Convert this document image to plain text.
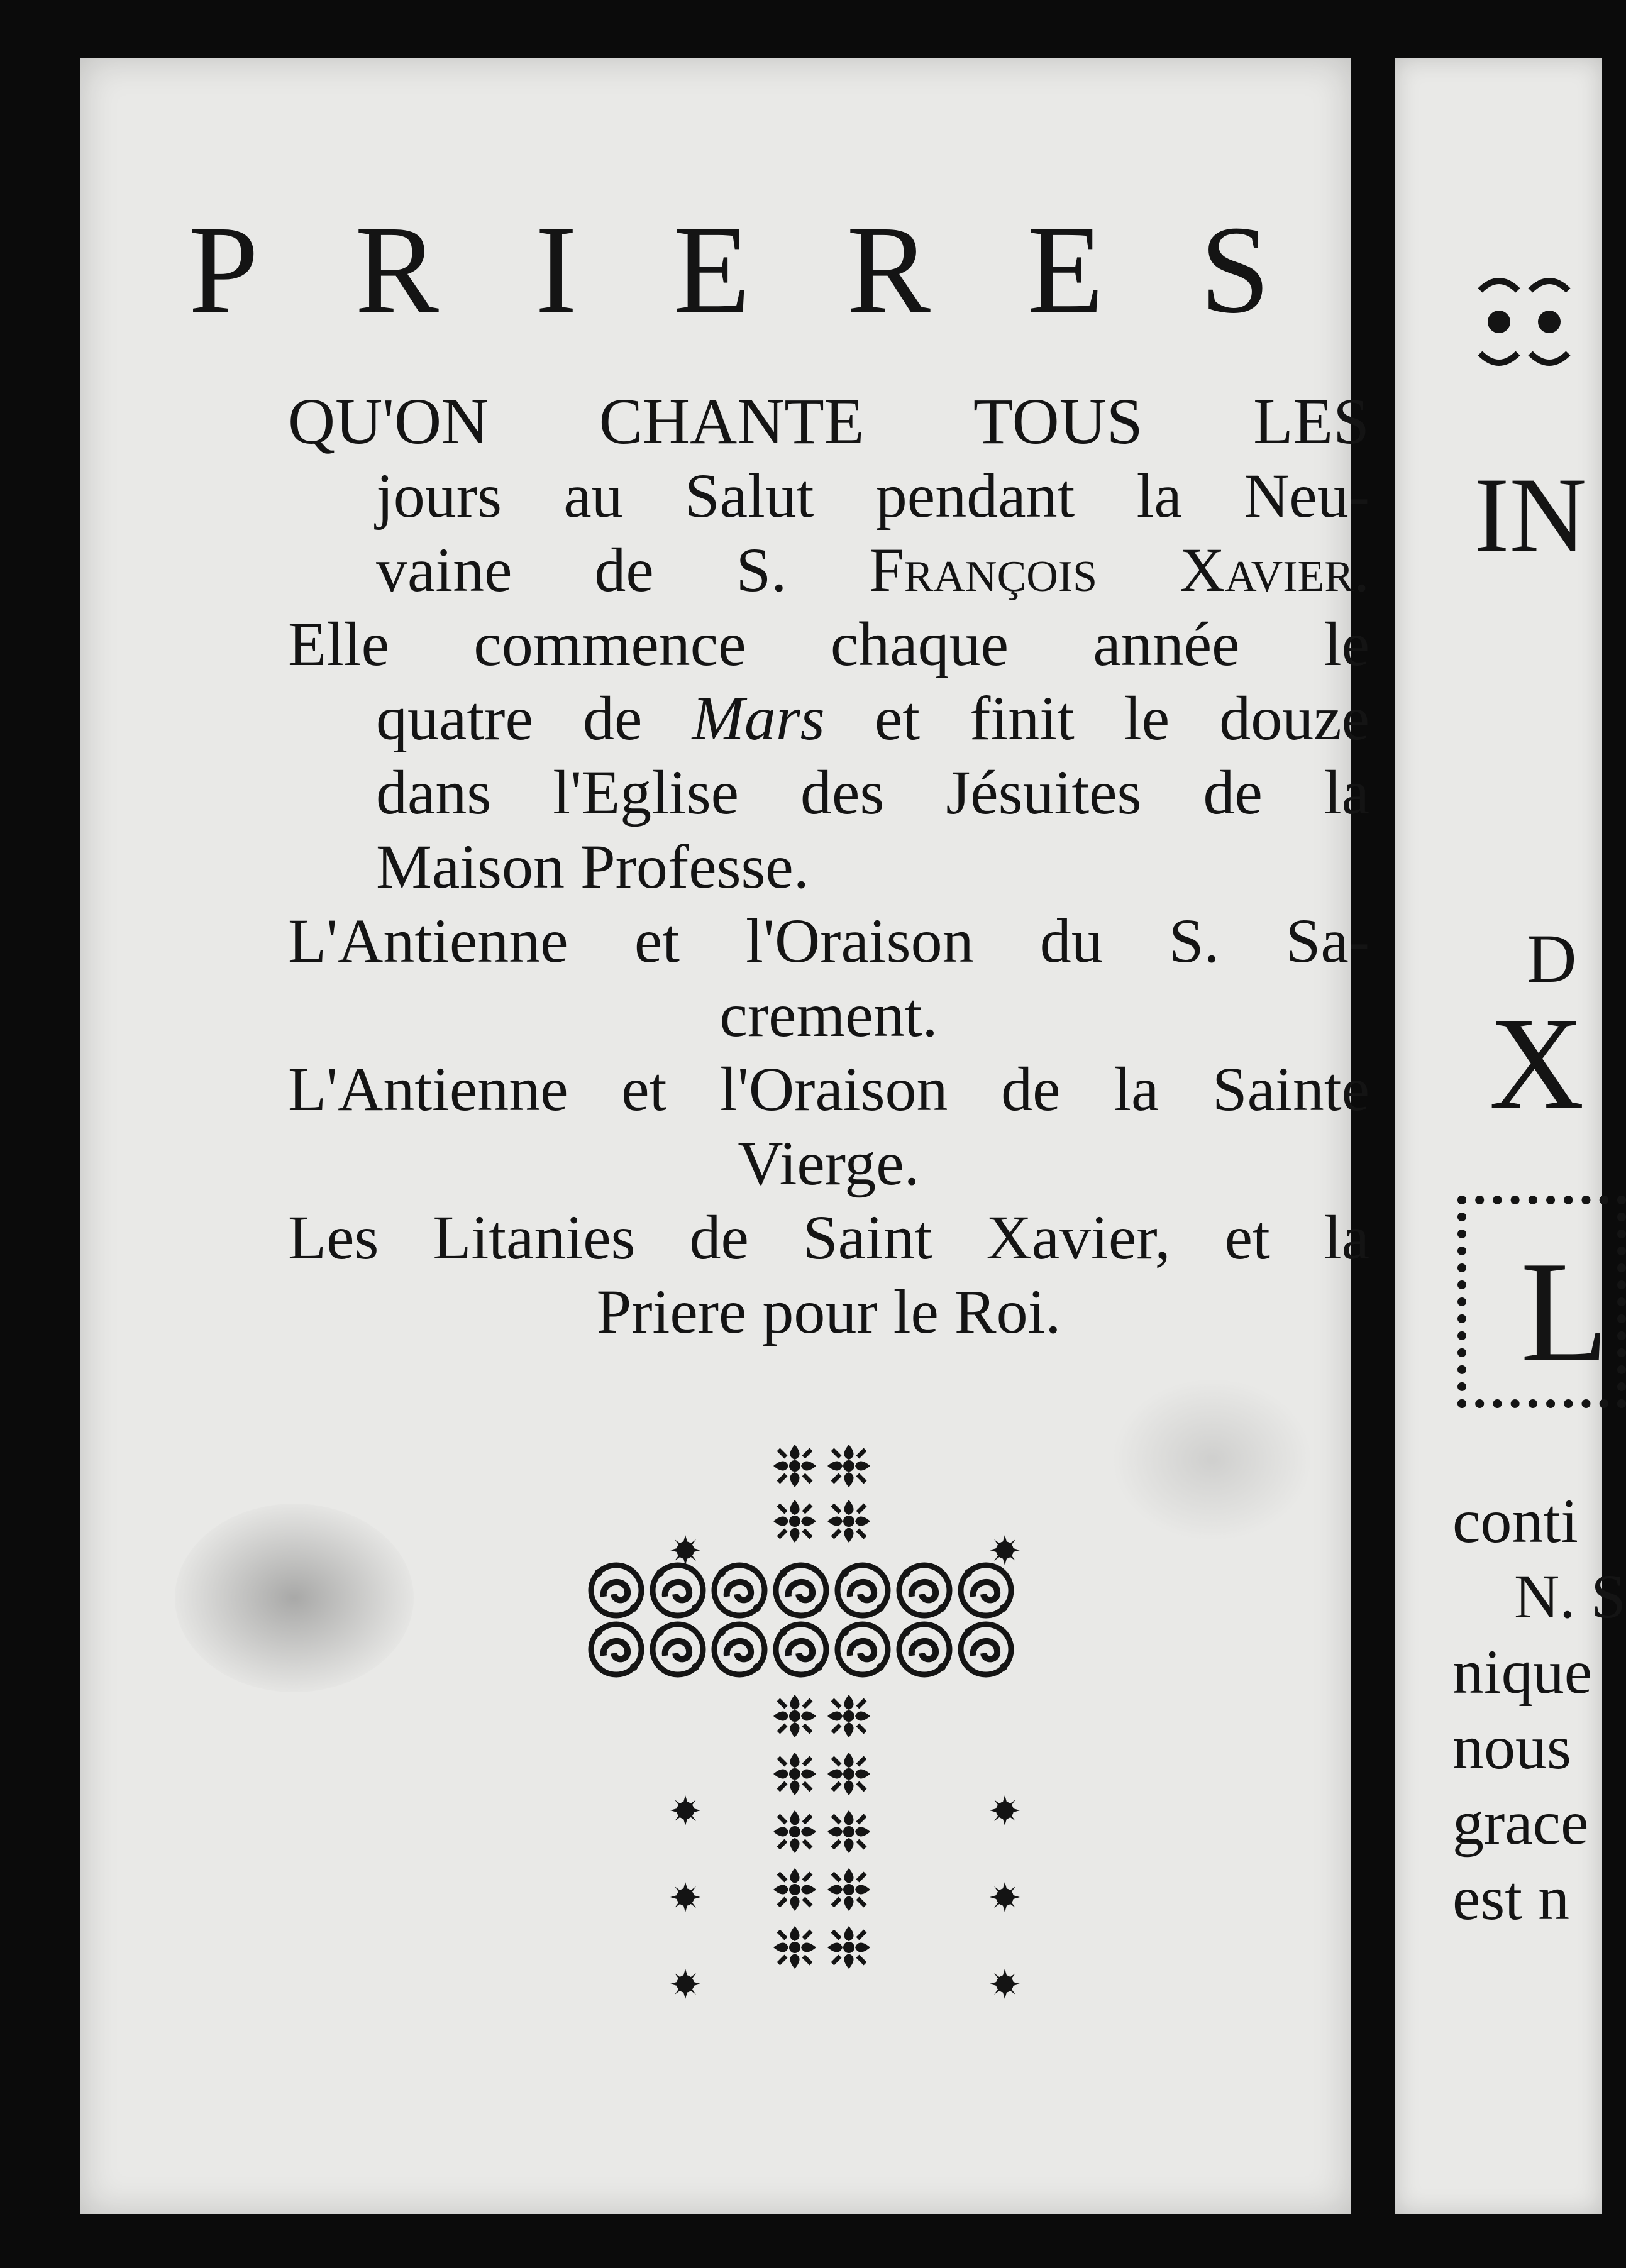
P R I E R E S
QU'ON CHANTE TOUS LES
jours au Salut pendant la Neu-
vaine de S. François Xavier.
Elle commence chaque année le
quatre de Mars et finit le douze
dans l'Eglise des Jésuites de la
Maison Professe.
L'Antienne et l'Oraison du S. Sa-
crement.
L'Antienne et l'Oraison de la Sainte
Vierge.
Les Litanies de Saint Xavier, et la
Priere pour le Roi.
IN
D
X
L
conti
N. S
nique
nous
grace
est n
